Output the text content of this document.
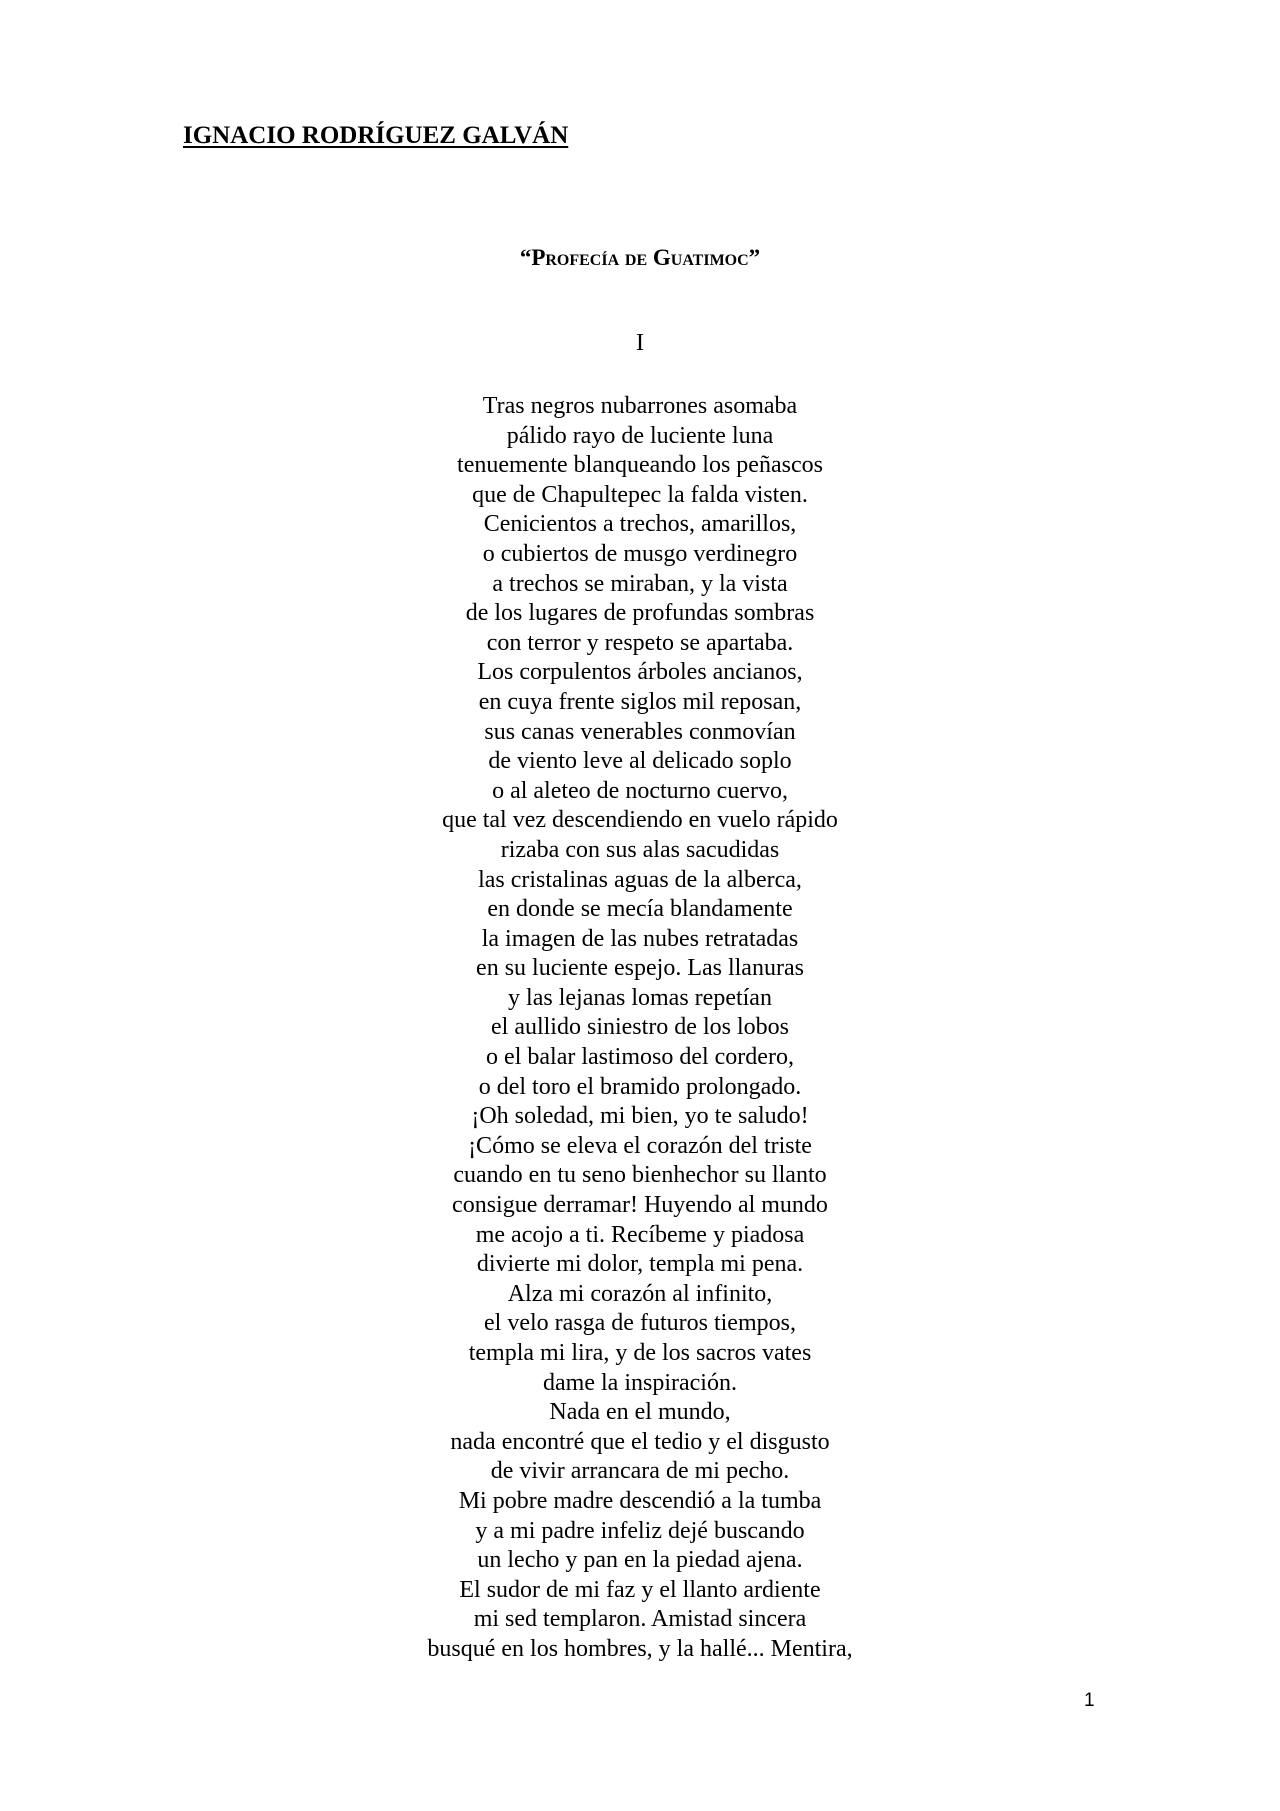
IGNACIO RODRÍGUEZ GALVÁN
“Profecía de Guatimoc”

I

Tras negros nubarrones asomaba
pálido rayo de luciente luna
tenuemente blanqueando los peñascos
que de Chapultepec la falda visten.
Cenicientos a trechos, amarillos,
o cubiertos de musgo verdinegro
a trechos se miraban, y la vista
de los lugares de profundas sombras
con terror y respeto se apartaba.
Los corpulentos árboles ancianos,
en cuya frente siglos mil reposan,
sus canas venerables conmovían
de viento leve al delicado soplo
o al aleteo de nocturno cuervo,
que tal vez descendiendo en vuelo rápido
rizaba con sus alas sacudidas
las cristalinas aguas de la alberca,
en donde se mecía blandamente
la imagen de las nubes retratadas
en su luciente espejo. Las llanuras
y las lejanas lomas repetían
el aullido siniestro de los lobos
o el balar lastimoso del cordero,
o del toro el bramido prolongado.
¡Oh soledad, mi bien, yo te saludo!
¡Cómo se eleva el corazón del triste
cuando en tu seno bienhechor su llanto
consigue derramar! Huyendo al mundo
me acojo a ti. Recíbeme y piadosa
divierte mi dolor, templa mi pena.
Alza mi corazón al infinito,
el velo rasga de futuros tiempos,
templa mi lira, y de los sacros vates
dame la inspiración.
Nada en el mundo,
nada encontré que el tedio y el disgusto
de vivir arrancara de mi pecho.
Mi pobre madre descendió a la tumba
y a mi padre infeliz dejé buscando
un lecho y pan en la piedad ajena.
El sudor de mi faz y el llanto ardiente
mi sed templaron. Amistad sincera
busqué en los hombres, y la hallé... Mentira,

1
